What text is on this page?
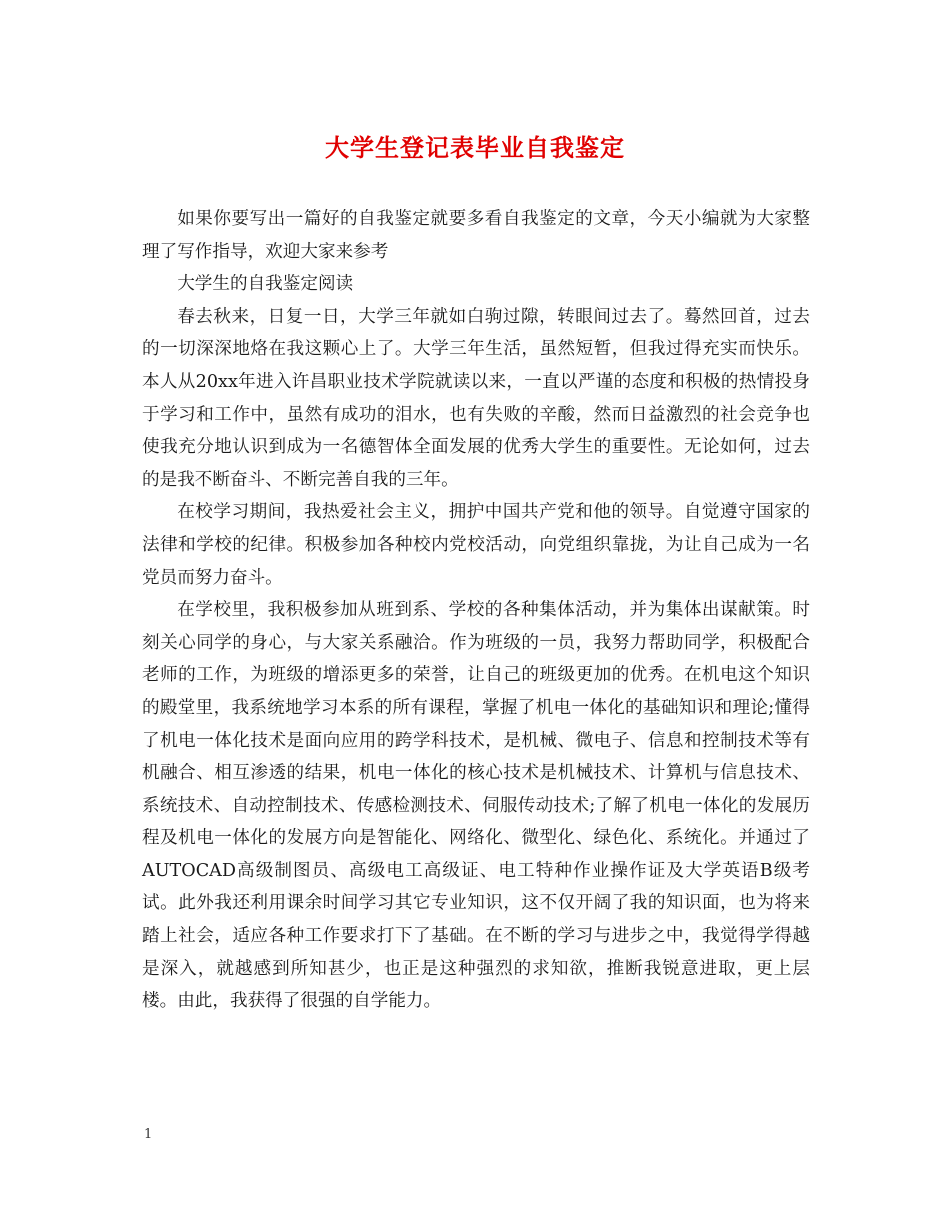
大学生登记表毕业自我鉴定

如果你要写出一篇好的自我鉴定就要多看自我鉴定的文章，今天小编就为大家整理了写作指导，欢迎大家来参考

大学生的自我鉴定阅读

春去秋来，日复一日，大学三年就如白驹过隙，转眼间过去了。蓦然回首，过去的一切深深地烙在我这颗心上了。大学三年生活，虽然短暂，但我过得充实而快乐。本人从20xx年进入许昌职业技术学院就读以来，一直以严谨的态度和积极的热情投身于学习和工作中，虽然有成功的泪水，也有失败的辛酸，然而日益激烈的社会竞争也使我充分地认识到成为一名德智体全面发展的优秀大学生的重要性。无论如何，过去的是我不断奋斗、不断完善自我的三年。

在校学习期间，我热爱社会主义，拥护中国共产党和他的领导。自觉遵守国家的法律和学校的纪律。积极参加各种校内党校活动，向党组织靠拢，为让自己成为一名党员而努力奋斗。

在学校里，我积极参加从班到系、学校的各种集体活动，并为集体出谋献策。时刻关心同学的身心，与大家关系融洽。作为班级的一员，我努力帮助同学，积极配合老师的工作，为班级的增添更多的荣誉，让自己的班级更加的优秀。在机电这个知识的殿堂里，我系统地学习本系的所有课程，掌握了机电一体化的基础知识和理论;懂得了机电一体化技术是面向应用的跨学科技术，是机械、微电子、信息和控制技术等有机融合、相互渗透的结果，机电一体化的核心技术是机械技术、计算机与信息技术、系统技术、自动控制技术、传感检测技术、伺服传动技术;了解了机电一体化的发展历程及机电一体化的发展方向是智能化、网络化、微型化、绿色化、系统化。并通过了AUTOCAD高级制图员、高级电工高级证、电工特种作业操作证及大学英语B级考试。此外我还利用课余时间学习其它专业知识，这不仅开阔了我的知识面，也为将来踏上社会，适应各种工作要求打下了基础。在不断的学习与进步之中，我觉得学得越是深入，就越感到所知甚少，也正是这种强烈的求知欲，推断我锐意进取，更上层楼。由此，我获得了很强的自学能力。

1
